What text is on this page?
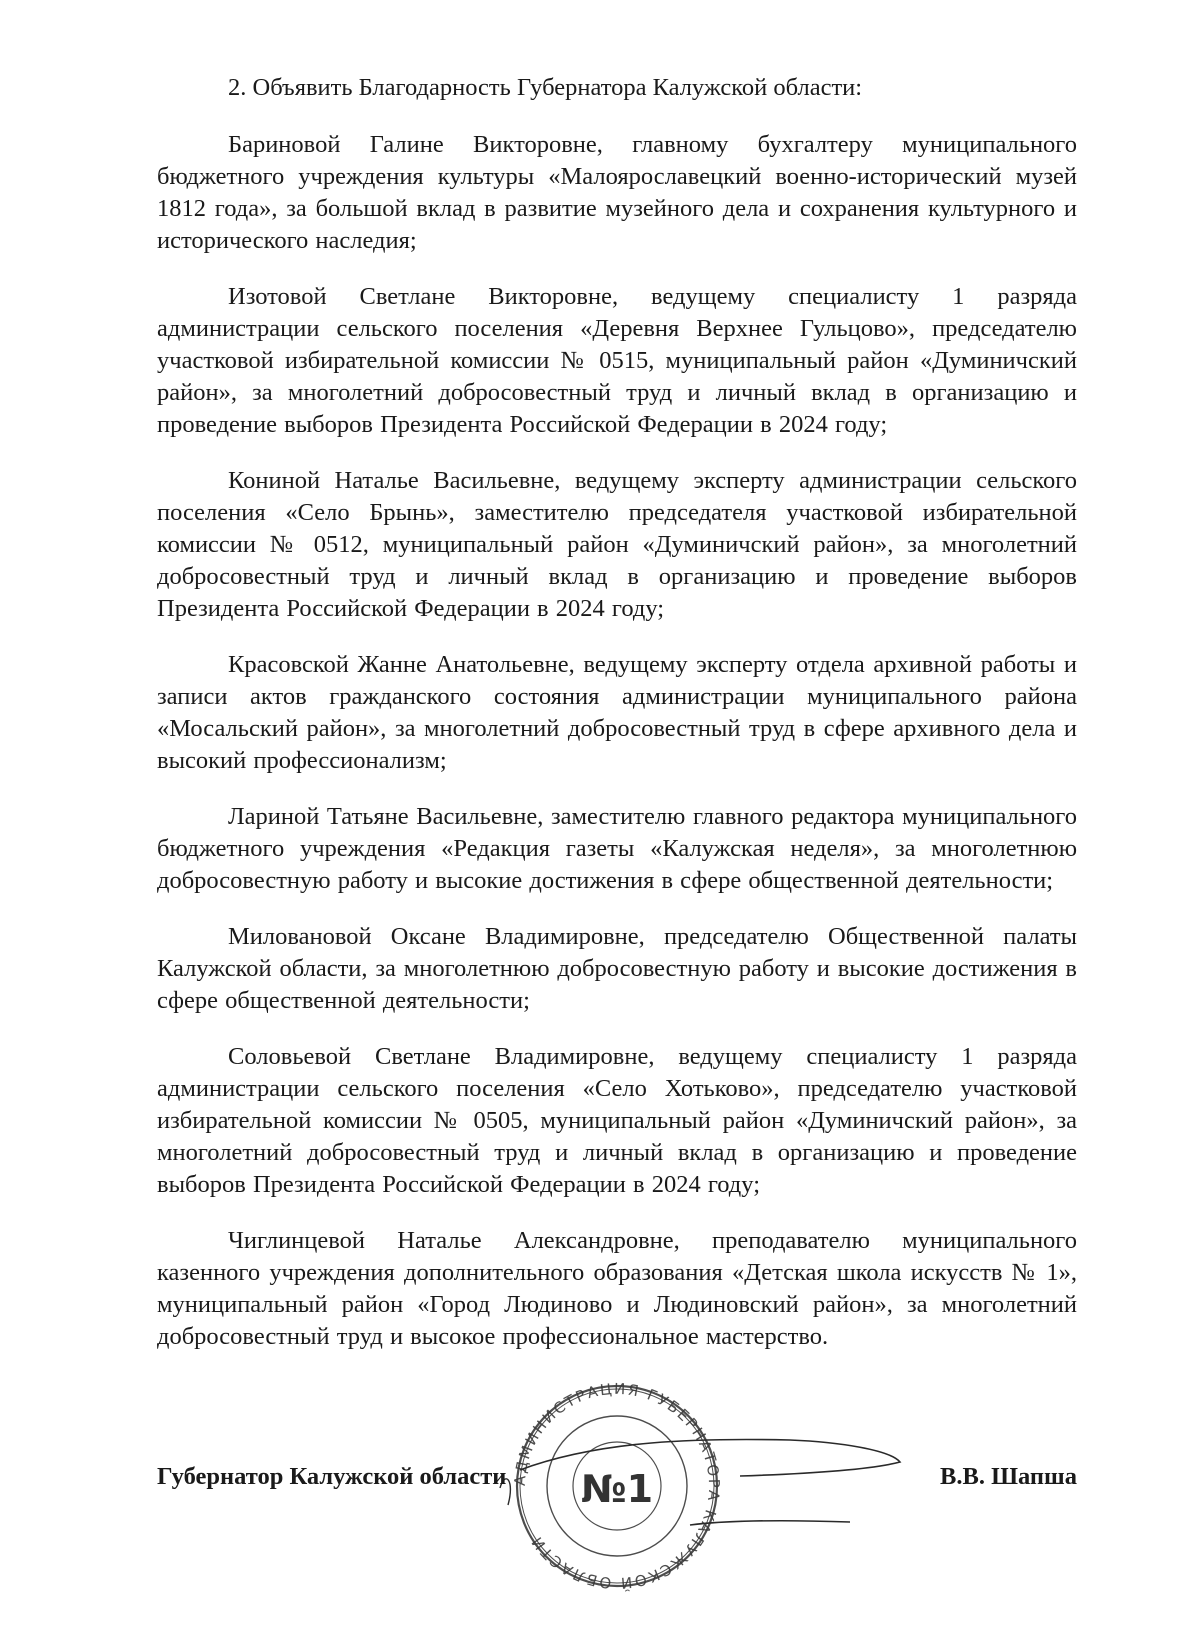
2. Объявить Благодарность Губернатора Калужской области:

Бариновой Галине Викторовне, главному бухгалтеру муниципального бюджетного учреждения культуры «Малоярославецкий военно-исторический музей 1812 года», за большой вклад в развитие музейного дела и сохранения культурного и исторического наследия;

Изотовой Светлане Викторовне, ведущему специалисту 1 разряда администрации сельского поселения «Деревня Верхнее Гульцово», председателю участковой избирательной комиссии № 0515, муниципальный район «Думиничский район», за многолетний добросовестный труд и личный вклад в организацию и проведение выборов Президента Российской Федерации в 2024 году;

Кониной Наталье Васильевне, ведущему эксперту администрации сельского поселения «Село Брынь», заместителю председателя участковой избирательной комиссии № 0512, муниципальный район «Думиничский район», за многолетний добросовестный труд и личный вклад в организацию и проведение выборов Президента Российской Федерации в 2024 году;

Красовской Жанне Анатольевне, ведущему эксперту отдела архивной работы и записи актов гражданского состояния администрации муниципального района «Мосальский район», за многолетний добросовестный труд в сфере архивного дела и высокий профессионализм;

Лариной Татьяне Васильевне, заместителю главного редактора муниципального бюджетного учреждения «Редакция газеты «Калужская неделя», за многолетнюю добросовестную работу и высокие достижения в сфере общественной деятельности;

Миловановой Оксане Владимировне, председателю Общественной палаты Калужской области, за многолетнюю добросовестную работу и высокие достижения в сфере общественной деятельности;

Соловьевой Светлане Владимировне, ведущему специалисту 1 разряда администрации сельского поселения «Село Хотьково», председателю участковой избирательной комиссии № 0505, муниципальный район «Думиничский район», за многолетний добросовестный труд и личный вклад в организацию и проведение выборов Президента Российской Федерации в 2024 году;

Чиглинцевой Наталье Александровне, преподавателю муниципального казенного учреждения дополнительного образования «Детская школа искусств № 1», муниципальный район «Город Людиново и Людиновский район», за многолетний добросовестный труд и высокое профессиональное мастерство.

АДМИНИСТРАЦИЯ ГУБЕРНАТОРА КАЛУЖСКОЙ ОБЛАСТИ
№1
Губернатор Калужской области	В.В. Шапша
